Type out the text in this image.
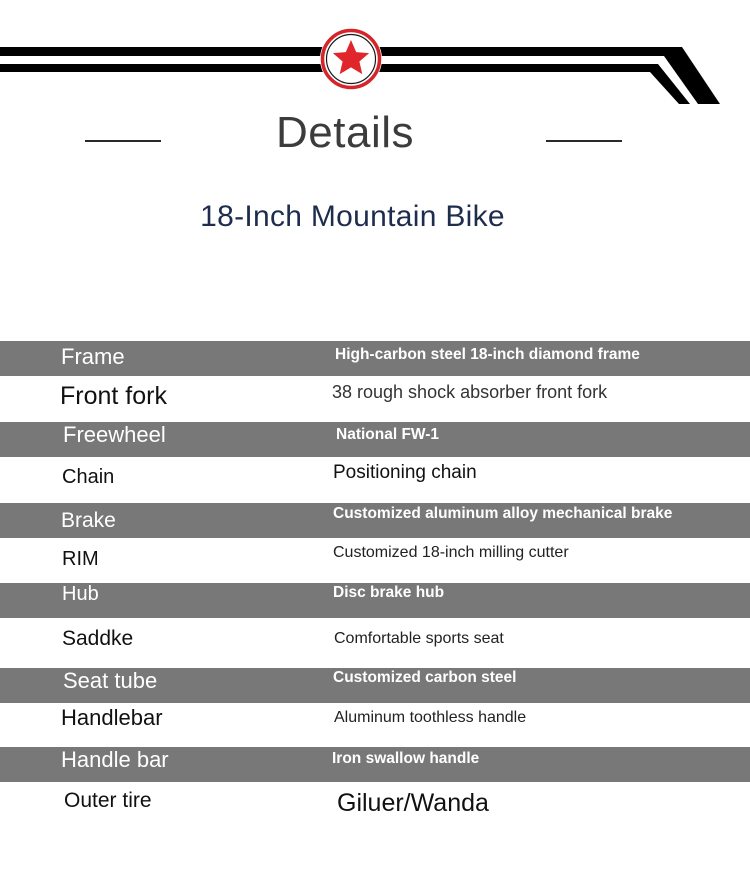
Details
18-Inch Mountain Bike
Frame	High-carbon steel 18-inch diamond frame
Front fork	38 rough shock absorber front fork
Freewheel	National FW-1
Chain	Positioning chain
Brake	Customized aluminum alloy mechanical brake
RIM	Customized 18-inch milling cutter
Hub	Disc brake hub
Saddke	Comfortable sports seat
Seat tube	Customized carbon steel
Handlebar	Aluminum toothless handle
Handle bar	Iron swallow handle
Outer tire	Giluer/Wanda
